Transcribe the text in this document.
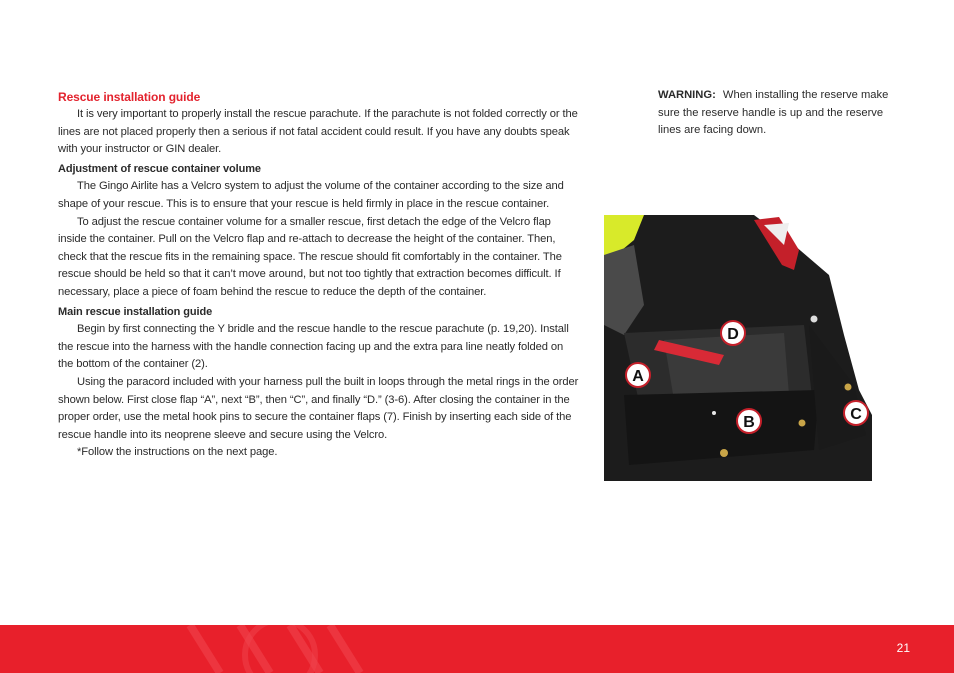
Rescue installation guide

It is very important to properly install the rescue parachute. If the parachute is not folded correctly or the lines are not placed properly then a serious if not fatal accident could result. If you have any doubts speak with your instructor or GIN dealer.

Adjustment of rescue container volume

The Gingo Airlite has a Velcro system to adjust the volume of the container according to the size and shape of your rescue. This is to ensure that your rescue is held firmly in place in the rescue container.

To adjust the rescue container volume for a smaller rescue, first detach the edge of the Velcro flap inside the container. Pull on the Velcro flap and re-attach to decrease the height of the container. Then, check that the rescue fits in the remaining space. The rescue should fit comfortably in the container. The rescue should be held so that it can’t move around, but not too tightly that extraction becomes difficult. If necessary, place a piece of foam behind the rescue to reduce the depth of the container.

Main rescue installation guide

Begin by first connecting the Y bridle and the rescue handle to the rescue parachute (p. 19,20). Install the rescue into the harness with the handle connection facing up and the extra para line neatly folded on the bottom of the container (2).

Using the paracord included with your harness pull the built in loops through the metal rings in the order shown below. First close flap “A”, next “B”, then “C”, and finally “D.” (3-6). After closing the container in the proper order, use the metal hook pins to secure the container flaps (7). Finish by inserting each side of the rescue handle into its neoprene sleeve and secure using the Velcro.

*Follow the instructions on the next page.

WARNING: When installing the reserve make sure the reserve handle is up and the reserve lines are facing down.
A
B	C
D
21
